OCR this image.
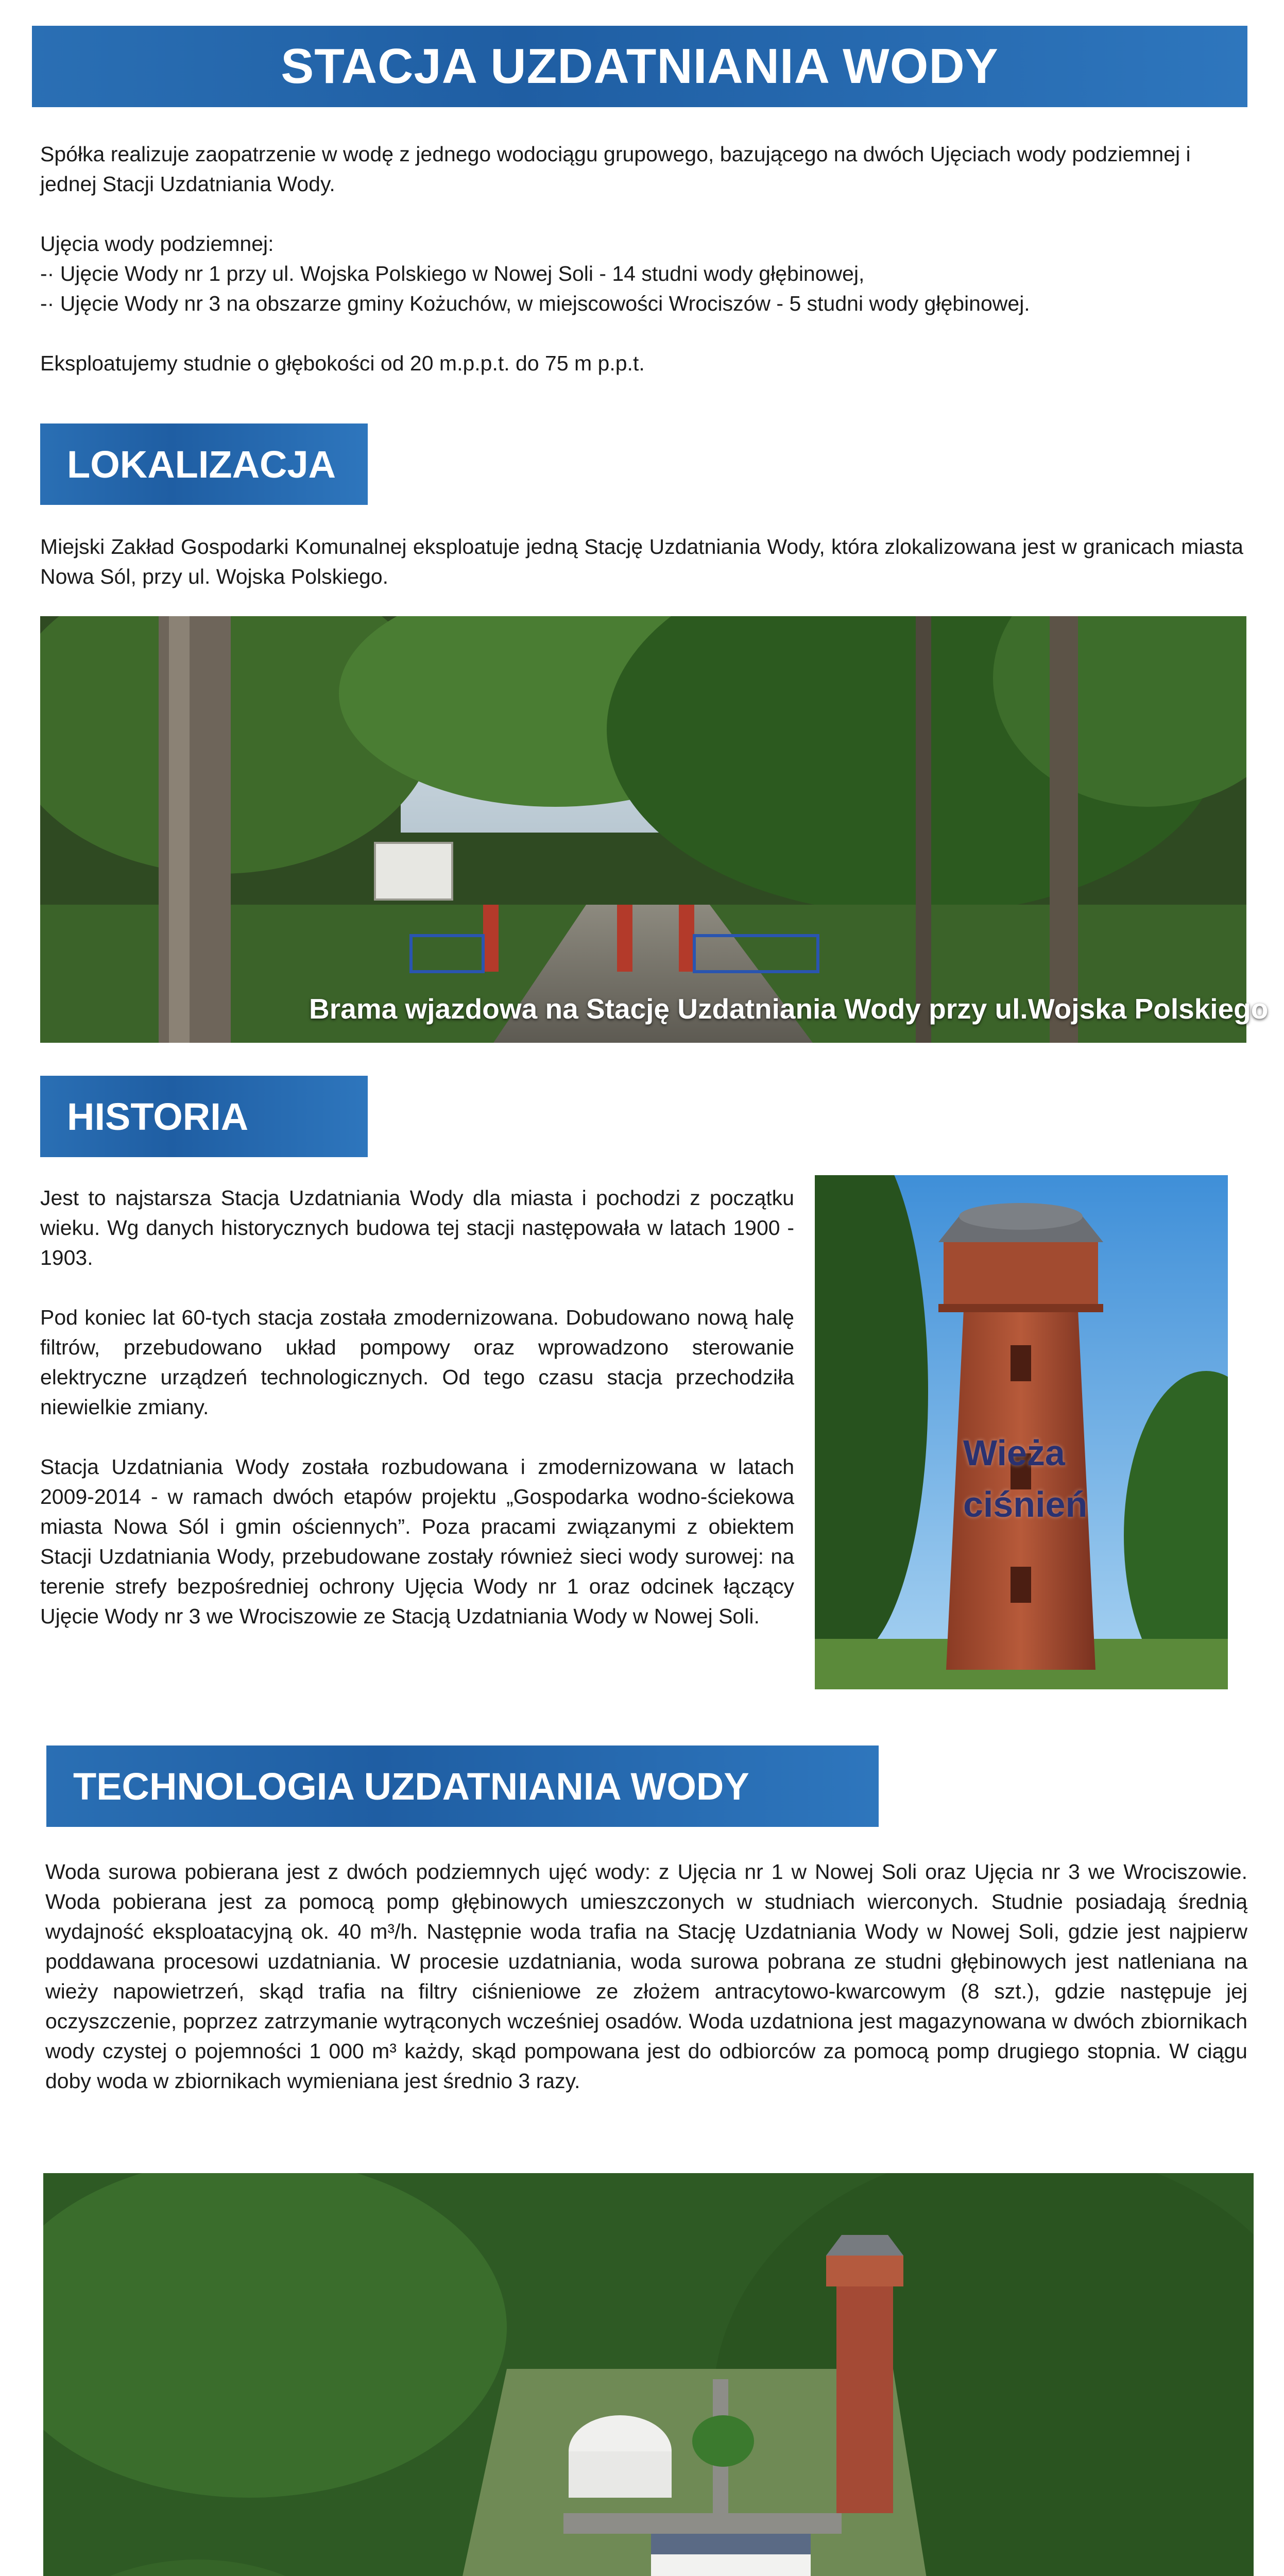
STACJA UZDATNIANIA WODY

Spółka realizuje zaopatrzenie w wodę z jednego wodociągu grupowego, bazującego na dwóch Ujęciach wody podziemnej i jednej Stacji Uzdatniania Wody.

Ujęcia wody podziemnej:
-· Ujęcie Wody nr 1 przy ul. Wojska Polskiego w Nowej Soli - 14 studni wody głębinowej,
-· Ujęcie Wody nr 3 na obszarze gminy Kożuchów, w miejscowości Wrociszów - 5 studni wody głębinowej.

Eksploatujemy studnie o głębokości od 20 m.p.p.t. do 75 m p.p.t.

LOKALIZACJA
Miejski Zakład Gospodarki Komunalnej eksploatuje jedną Stację Uzdatniania Wody, która zlokalizowana jest w granicach miasta Nowa Sól, przy ul. Wojska Polskiego.
Brama wjazdowa na Stację Uzdatniania Wody przy ul.Wojska Polskiego
HISTORIA

Jest to najstarsza Stacja Uzdatniania Wody dla miasta i pochodzi z początku wieku. Wg danych historycznych budowa tej stacji następowała w latach 1900 - 1903.

Pod koniec lat 60-tych stacja została zmodernizowana. Dobudowano nową halę filtrów, przebudowano układ pompowy oraz wprowadzono sterowanie elektryczne urządzeń technologicznych. Od tego czasu stacja przechodziła niewielkie zmiany.

Stacja Uzdatniania Wody została rozbudowana i zmodernizowana w latach 2009-2014 - w ramach dwóch etapów projektu „Gospodarka wodno-ściekowa miasta Nowa Sól i gmin ościennych”. Poza pracami związanymi z obiektem Stacji Uzdatniania Wody, przebudowane zostały również sieci wody surowej: na terenie strefy bezpośredniej ochrony Ujęcia Wody nr 1 oraz odcinek łączący Ujęcie Wody nr 3 we Wrociszowie ze Stacją Uzdatniania Wody w Nowej Soli.

Wieża
ciśnień
TECHNOLOGIA UZDATNIANIA WODY
Woda surowa pobierana jest z dwóch podziemnych ujęć wody: z Ujęcia nr 1 w Nowej Soli oraz Ujęcia nr 3 we Wrociszowie. Woda pobierana jest za pomocą pomp głębinowych umieszczonych w studniach wierconych. Studnie posiadają średnią wydajność eksploatacyjną ok. 40 m³/h. Następnie woda trafia na Stację Uzdatniania Wody w Nowej Soli, gdzie jest najpierw poddawana procesowi uzdatniania. W procesie uzdatniania, woda surowa pobrana ze studni głębinowych jest natleniana na wieży napowietrzeń, skąd trafia na filtry ciśnieniowe ze złożem antracytowo-kwarcowym (8 szt.), gdzie następuje jej oczyszczenie, poprzez zatrzymanie wytrąconych wcześniej osadów. Woda uzdatniona jest magazynowana w dwóch zbiornikach wody czystej o pojemności 1 000 m³ każdy, skąd pompowana jest do odbiorców za pomocą pomp drugiego stopnia. W ciągu doby woda w zbiornikach wymieniana jest średnio 3 razy.
